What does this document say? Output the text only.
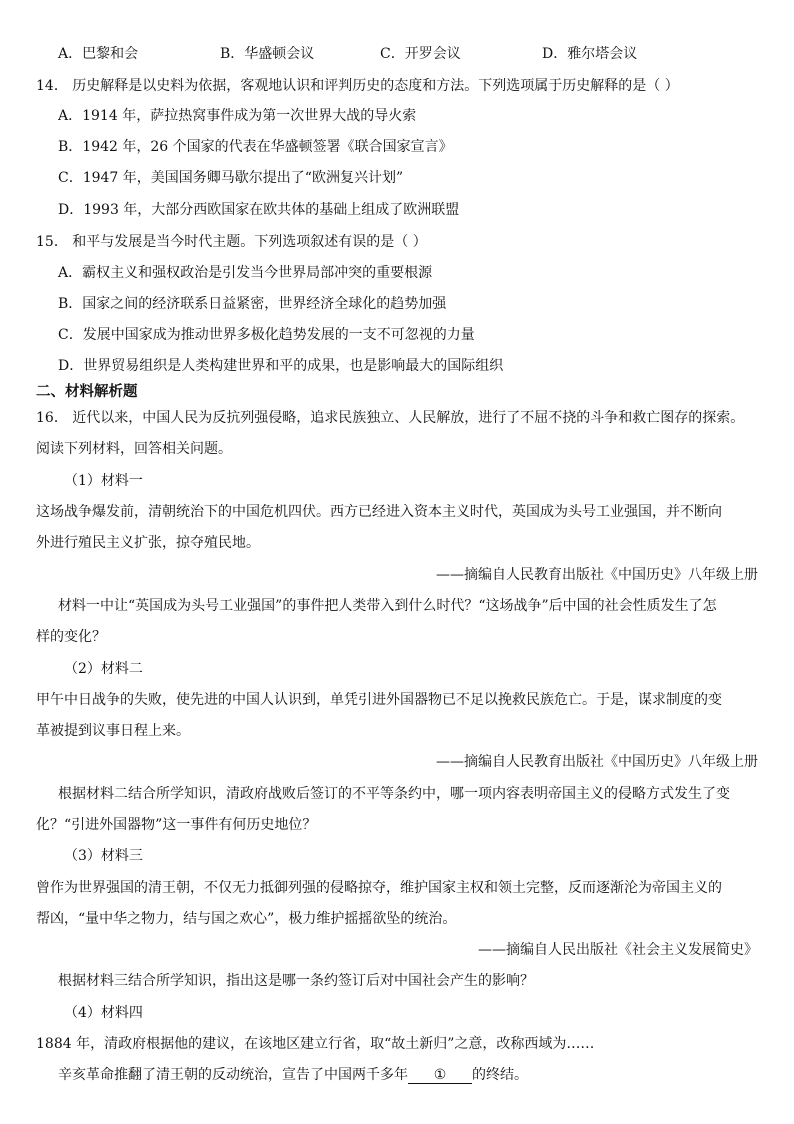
A．巴黎和会	B．华盛顿会议	C．开罗会议	D．雅尔塔会议
14． 历史解释是以史料为依据，客观地认识和评判历史的态度和方法。下列选项属于历史解释的是（ ）
A．1914 年，萨拉热窝事件成为第一次世界大战的导火索
B．1942 年，26 个国家的代表在华盛顿签署《联合国家宣言》
C．1947 年，美国国务卿马歇尔提出了“欧洲复兴计划”
D．1993 年，大部分西欧国家在欧共体的基础上组成了欧洲联盟
15． 和平与发展是当今时代主题。下列选项叙述有误的是（ ）
A．霸权主义和强权政治是引发当今世界局部冲突的重要根源
B．国家之间的经济联系日益紧密，世界经济全球化的趋势加强
C．发展中国家成为推动世界多极化趋势发展的一支不可忽视的力量
D．世界贸易组织是人类构建世界和平的成果，也是影响最大的国际组织
二、材料解析题
16． 近代以来，中国人民为反抗列强侵略，追求民族独立、人民解放，进行了不屈不挠的斗争和救亡图存的探索。
阅读下列材料，回答相关问题。
（1）材料一
这场战争爆发前，清朝统治下的中国危机四伏。西方已经进入资本主义时代，英国成为头号工业强国，并不断向
外进行殖民主义扩张，掠夺殖民地。
——摘编自人民教育出版社《中国历史》八年级上册
材料一中让“英国成为头号工业强国”的事件把人类带入到什么时代？“这场战争”后中国的社会性质发生了怎
样的变化？
（2）材料二
甲午中日战争的失败，使先进的中国人认识到，单凭引进外国器物已不足以挽救民族危亡。于是，谋求制度的变
革被提到议事日程上来。
——摘编自人民教育出版社《中国历史》八年级上册
根据材料二结合所学知识，清政府战败后签订的不平等条约中，哪一项内容表明帝国主义的侵略方式发生了变
化？“引进外国器物”这一事件有何历史地位？
（3）材料三
曾作为世界强国的清王朝，不仅无力抵御列强的侵略掠夺，维护国家主权和领土完整，反而逐渐沦为帝国主义的
帮凶，“量中华之物力，结与国之欢心”，极力维护摇摇欲坠的统治。
——摘编自人民出版社《社会主义发展简史》
根据材料三结合所学知识，指出这是哪一条约签订后对中国社会产生的影响？
（4）材料四
1884 年，清政府根据他的建议，在该地区建立行省，取“故土新归”之意，改称西域为……
辛亥革命推翻了清王朝的反动统治，宣告了中国两千多年 ① 的终结。
